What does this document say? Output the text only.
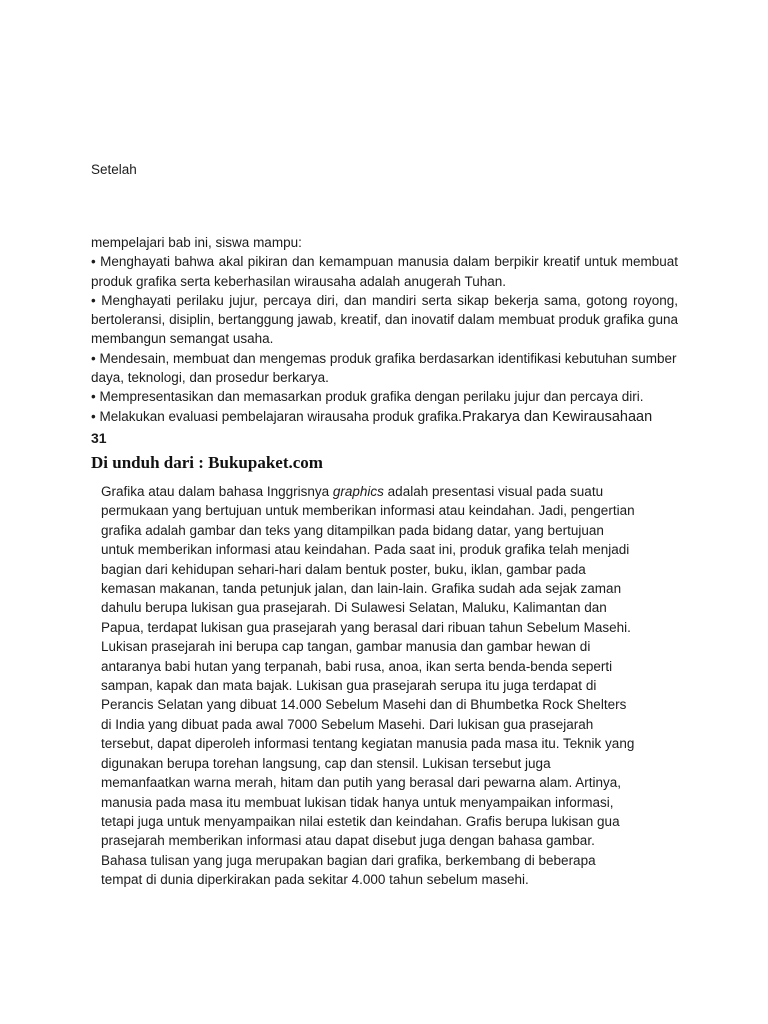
Setelah

mempelajari bab ini, siswa mampu:

• Menghayati bahwa akal pikiran dan kemampuan manusia dalam berpikir kreatif untuk membuat produk grafika serta keberhasilan wirausaha adalah anugerah Tuhan.

• Menghayati perilaku jujur, percaya diri, dan mandiri serta sikap bekerja sama, gotong royong, bertoleransi, disiplin, bertanggung jawab, kreatif, dan inovatif dalam membuat produk grafika guna membangun semangat usaha.

• Mendesain, membuat dan mengemas produk grafika berdasarkan identifikasi kebutuhan sumber daya, teknologi, dan prosedur berkarya.

• Mempresentasikan dan memasarkan produk grafika dengan perilaku jujur dan percaya diri.

• Melakukan evaluasi pembelajaran wirausaha produk grafika.Prakarya dan Kewirausahaan

31

Di unduh dari : Bukupaket.com

Grafika atau dalam bahasa Inggrisnya graphics adalah presentasi visual pada suatu
permukaan yang bertujuan untuk memberikan informasi atau keindahan. Jadi, pengertian
grafika adalah gambar dan teks yang ditampilkan pada bidang datar, yang bertujuan
untuk memberikan informasi atau keindahan. Pada saat ini, produk grafika telah menjadi
bagian dari kehidupan sehari-hari dalam bentuk poster, buku, iklan, gambar pada
kemasan makanan, tanda petunjuk jalan, dan lain-lain. Grafika sudah ada sejak zaman
dahulu berupa lukisan gua prasejarah. Di Sulawesi Selatan, Maluku, Kalimantan dan
Papua, terdapat lukisan gua prasejarah yang berasal dari ribuan tahun Sebelum Masehi.
Lukisan prasejarah ini berupa cap tangan, gambar manusia dan gambar hewan di
antaranya babi hutan yang terpanah, babi rusa, anoa, ikan serta benda-benda seperti
sampan, kapak dan mata bajak. Lukisan gua prasejarah serupa itu juga terdapat di
Perancis Selatan yang dibuat 14.000 Sebelum Masehi dan di Bhumbetka Rock Shelters
di India yang dibuat pada awal 7000 Sebelum Masehi. Dari lukisan gua prasejarah
tersebut, dapat diperoleh informasi tentang kegiatan manusia pada masa itu. Teknik yang
digunakan berupa torehan langsung, cap dan stensil. Lukisan tersebut juga
memanfaatkan warna merah, hitam dan putih yang berasal dari pewarna alam. Artinya,
manusia pada masa itu membuat lukisan tidak hanya untuk menyampaikan informasi,
tetapi juga untuk menyampaikan nilai estetik dan keindahan. Grafis berupa lukisan gua
prasejarah memberikan informasi atau dapat disebut juga dengan bahasa gambar.
Bahasa tulisan yang juga merupakan bagian dari grafika, berkembang di beberapa
tempat di dunia diperkirakan pada sekitar 4.000 tahun sebelum masehi.
